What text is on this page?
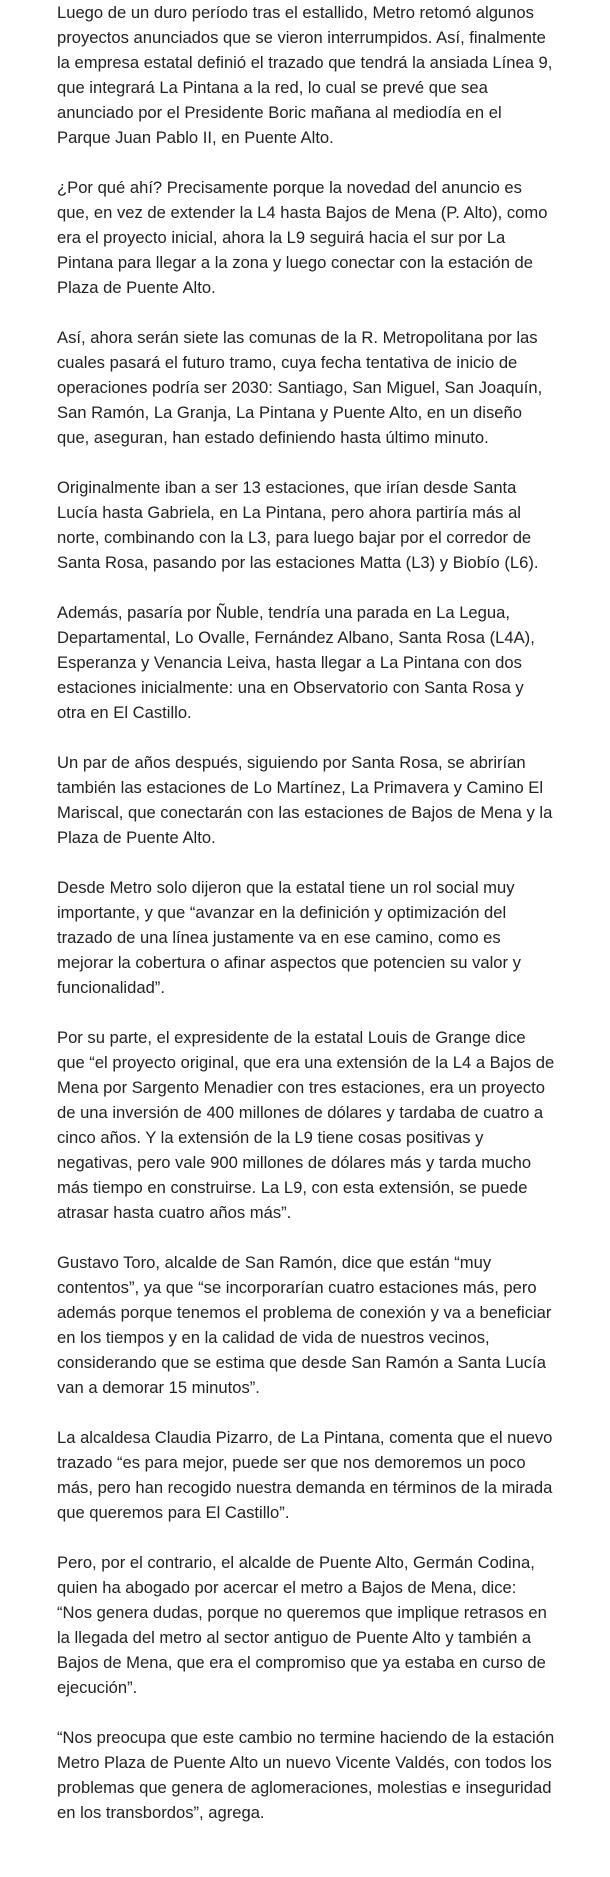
Luego de un duro período tras el estallido, Metro retomó algunos proyectos anunciados que se vieron interrumpidos. Así, finalmente la empresa estatal definió el trazado que tendrá la ansiada Línea 9, que integrará La Pintana a la red, lo cual se prevé que sea anunciado por el Presidente Boric mañana al mediodía en el Parque Juan Pablo II, en Puente Alto.

¿Por qué ahí? Precisamente porque la novedad del anuncio es que, en vez de extender la L4 hasta Bajos de Mena (P. Alto), como era el proyecto inicial, ahora la L9 seguirá hacia el sur por La Pintana para llegar a la zona y luego conectar con la estación de Plaza de Puente Alto.

Así, ahora serán siete las comunas de la R. Metropolitana por las cuales pasará el futuro tramo, cuya fecha tentativa de inicio de operaciones podría ser 2030: Santiago, San Miguel, San Joaquín, San Ramón, La Granja, La Pintana y Puente Alto, en un diseño que, aseguran, han estado definiendo hasta último minuto.

Originalmente iban a ser 13 estaciones, que irían desde Santa Lucía hasta Gabriela, en La Pintana, pero ahora partiría más al norte, combinando con la L3, para luego bajar por el corredor de Santa Rosa, pasando por las estaciones Matta (L3) y Biobío (L6).

Además, pasaría por Ñuble, tendría una parada en La Legua, Departamental, Lo Ovalle, Fernández Albano, Santa Rosa (L4A), Esperanza y Venancia Leiva, hasta llegar a La Pintana con dos estaciones inicialmente: una en Observatorio con Santa Rosa y otra en El Castillo.

Un par de años después, siguiendo por Santa Rosa, se abrirían también las estaciones de Lo Martínez, La Primavera y Camino El Mariscal, que conectarán con las estaciones de Bajos de Mena y la Plaza de Puente Alto.

Desde Metro solo dijeron que la estatal tiene un rol social muy importante, y que “avanzar en la definición y optimización del trazado de una línea justamente va en ese camino, como es mejorar la cobertura o afinar aspectos que potencien su valor y funcionalidad”.

Por su parte, el expresidente de la estatal Louis de Grange dice que “el proyecto original, que era una extensión de la L4 a Bajos de Mena por Sargento Menadier con tres estaciones, era un proyecto de una inversión de 400 millones de dólares y tardaba de cuatro a cinco años. Y la extensión de la L9 tiene cosas positivas y negativas, pero vale 900 millones de dólares más y tarda mucho más tiempo en construirse. La L9, con esta extensión, se puede atrasar hasta cuatro años más”.

Gustavo Toro, alcalde de San Ramón, dice que están “muy contentos”, ya que “se incorporarían cuatro estaciones más, pero además porque tenemos el problema de conexión y va a beneficiar en los tiempos y en la calidad de vida de nuestros vecinos, considerando que se estima que desde San Ramón a Santa Lucía van a demorar 15 minutos”.

La alcaldesa Claudia Pizarro, de La Pintana, comenta que el nuevo trazado “es para mejor, puede ser que nos demoremos un poco más, pero han recogido nuestra demanda en términos de la mirada que queremos para El Castillo”.

Pero, por el contrario, el alcalde de Puente Alto, Germán Codina, quien ha abogado por acercar el metro a Bajos de Mena, dice: “Nos genera dudas, porque no queremos que implique retrasos en la llegada del metro al sector antiguo de Puente Alto y también a Bajos de Mena, que era el compromiso que ya estaba en curso de ejecución”.

“Nos preocupa que este cambio no termine haciendo de la estación Metro Plaza de Puente Alto un nuevo Vicente Valdés, con todos los problemas que genera de aglomeraciones, molestias e inseguridad en los transbordos”, agrega.
